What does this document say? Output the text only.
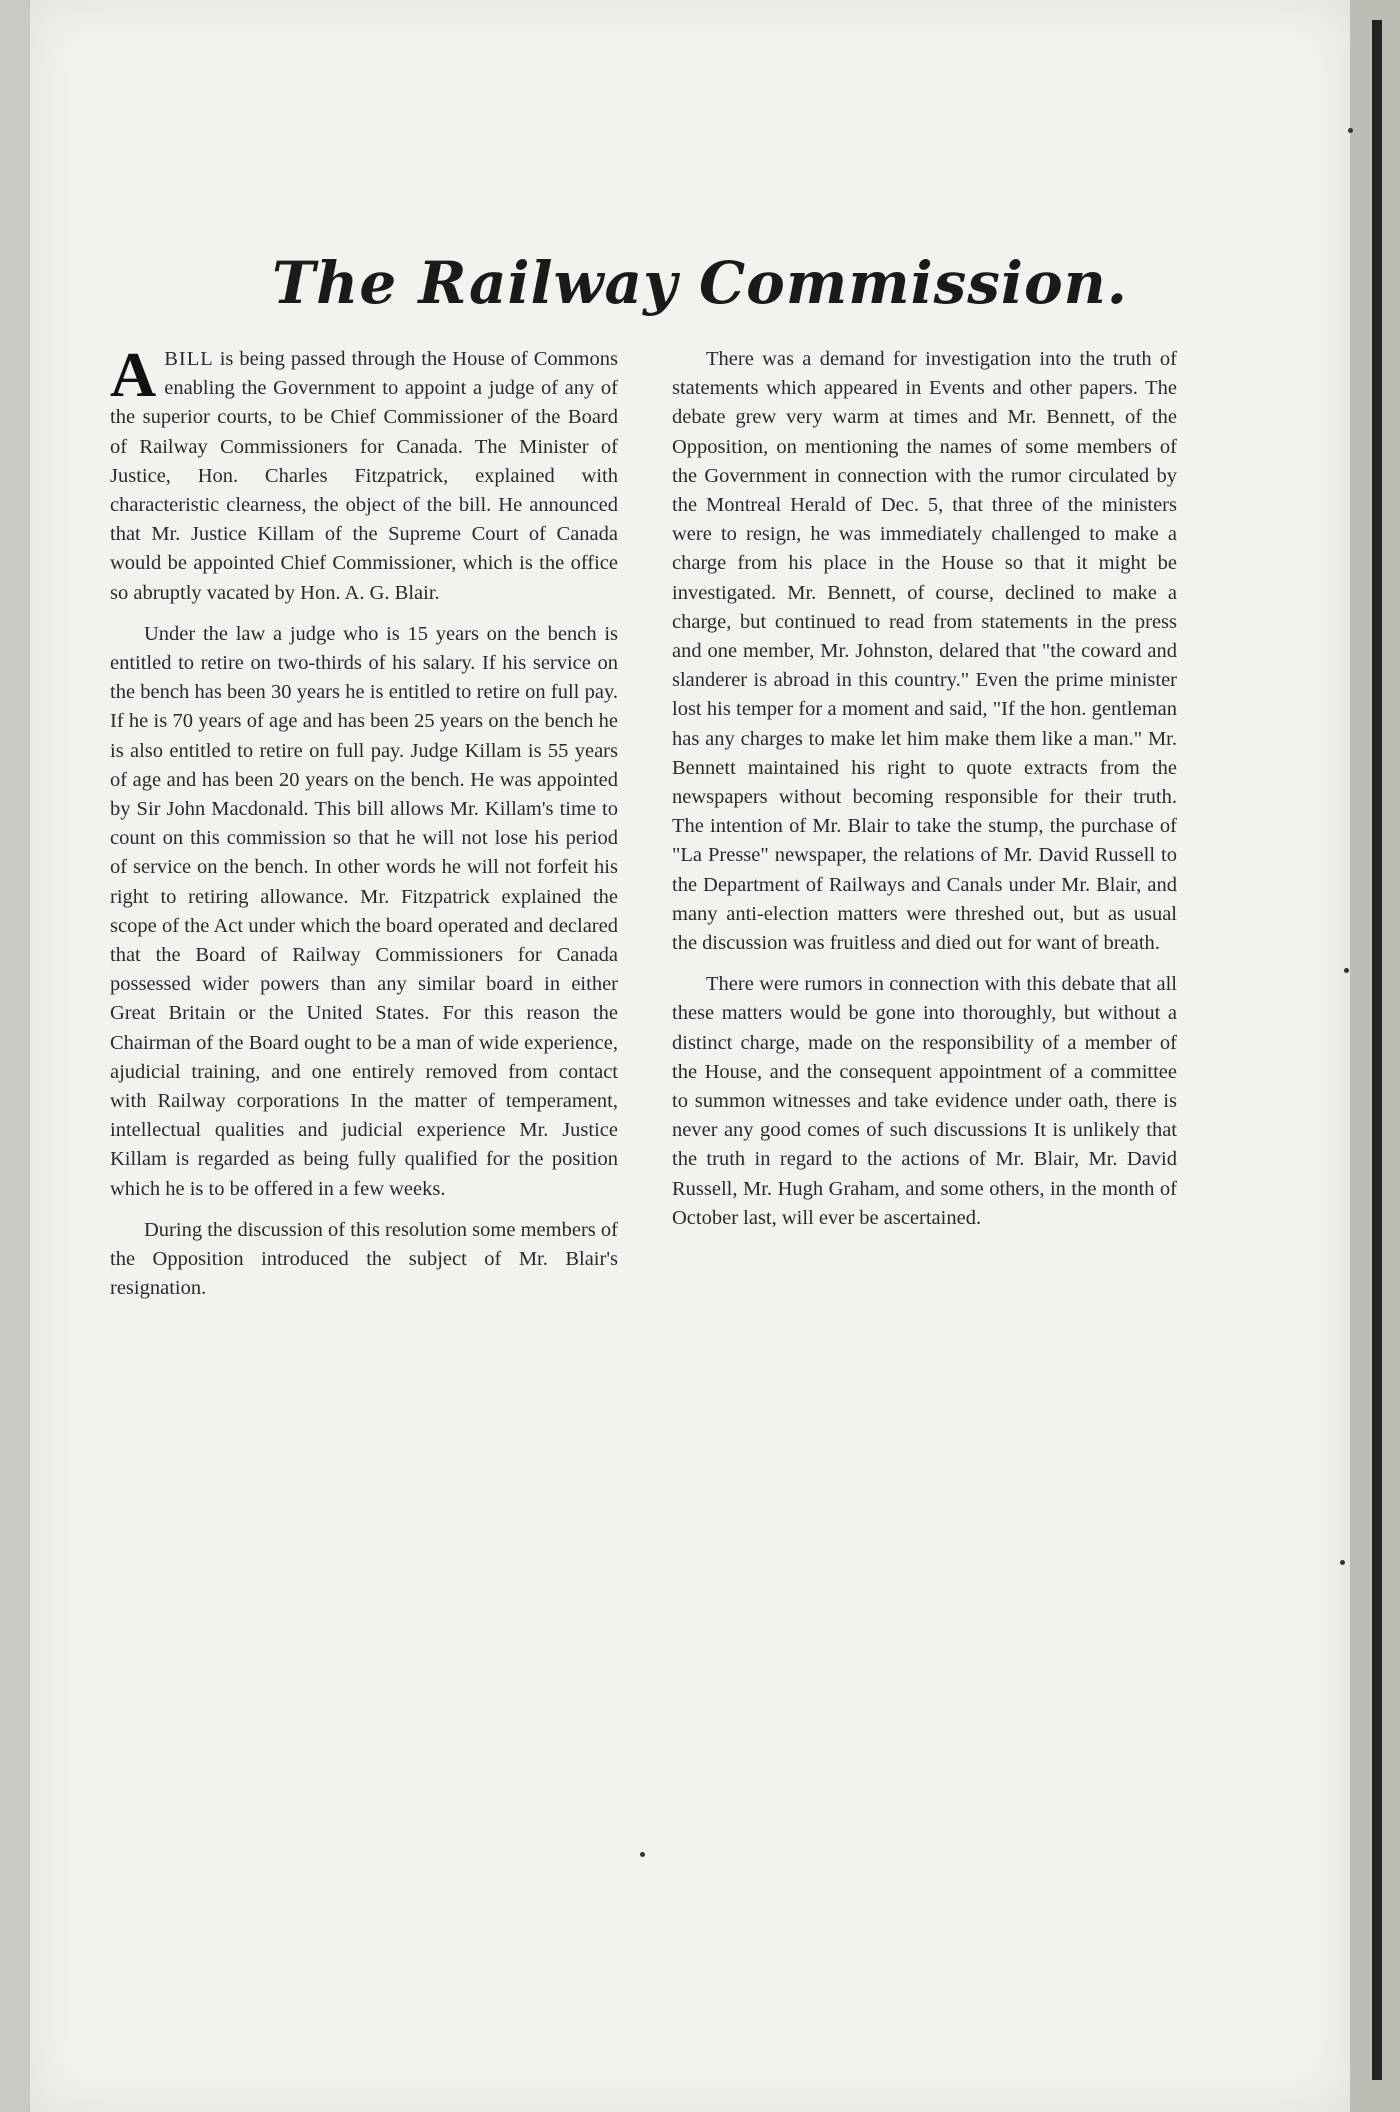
The Railway Commission.

ABILL is being passed through the House of Commons enabling the Government to appoint a judge of any of the superior courts, to be Chief Commissioner of the Board of Railway Commissioners for Canada. The Minister of Justice, Hon. Charles Fitzpatrick, explained with characteristic clearness, the object of the bill. He announced that Mr. Justice Killam of the Supreme Court of Canada would be appointed Chief Commissioner, which is the office so abruptly vacated by Hon. A. G. Blair.

Under the law a judge who is 15 years on the bench is entitled to retire on two-thirds of his salary. If his service on the bench has been 30 years he is entitled to retire on full pay. If he is 70 years of age and has been 25 years on the bench he is also entitled to retire on full pay. Judge Killam is 55 years of age and has been 20 years on the bench. He was appointed by Sir John Macdonald. This bill allows Mr. Killam's time to count on this commission so that he will not lose his period of service on the bench. In other words he will not forfeit his right to retiring allowance. Mr. Fitzpatrick explained the scope of the Act under which the board operated and declared that the Board of Railway Commissioners for Canada possessed wider powers than any similar board in either Great Britain or the United States. For this reason the Chairman of the Board ought to be a man of wide experience, ajudicial training, and one entirely removed from contact with Railway corporations In the matter of temperament, intellectual qualities and judicial experience Mr. Justice Killam is regarded as being fully qualified for the position which he is to be offered in a few weeks.

During the discussion of this resolution some members of the Opposition introduced the subject of Mr. Blair's resignation.

There was a demand for investigation into the truth of statements which appeared in Events and other papers. The debate grew very warm at times and Mr. Bennett, of the Opposition, on mentioning the names of some members of the Government in connection with the rumor circulated by the Montreal Herald of Dec. 5, that three of the ministers were to resign, he was immediately challenged to make a charge from his place in the House so that it might be investigated. Mr. Bennett, of course, declined to make a charge, but continued to read from statements in the press and one member, Mr. Johnston, delared that "the coward and slanderer is abroad in this country." Even the prime minister lost his temper for a moment and said, "If the hon. gentleman has any charges to make let him make them like a man." Mr. Bennett maintained his right to quote extracts from the newspapers without becoming responsible for their truth. The intention of Mr. Blair to take the stump, the purchase of "La Presse" newspaper, the relations of Mr. David Russell to the Department of Railways and Canals under Mr. Blair, and many anti-election matters were threshed out, but as usual the discussion was fruitless and died out for want of breath.

There were rumors in connection with this debate that all these matters would be gone into thoroughly, but without a distinct charge, made on the responsibility of a member of the House, and the consequent appointment of a committee to summon witnesses and take evidence under oath, there is never any good comes of such discussions It is unlikely that the truth in regard to the actions of Mr. Blair, Mr. David Russell, Mr. Hugh Graham, and some others, in the month of October last, will ever be ascertained.
